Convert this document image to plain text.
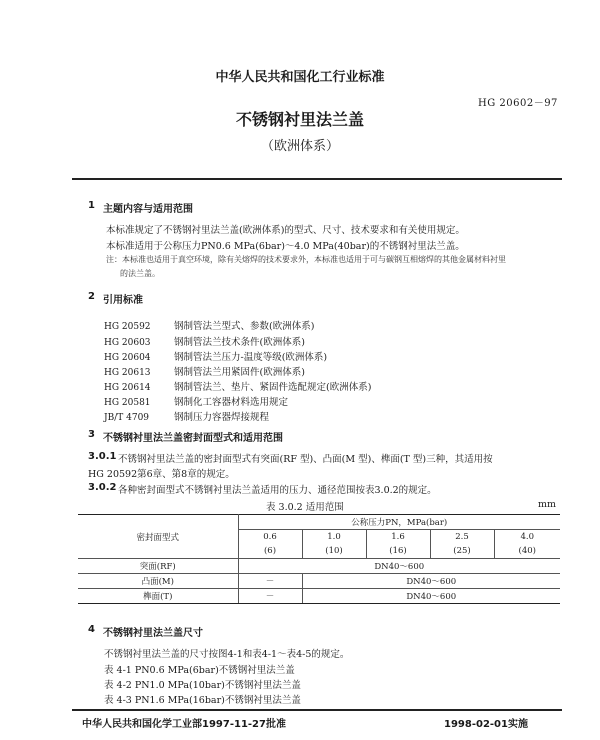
中华人民共和国化工行业标准
HG 20602－97
不锈钢衬里法兰盖
（欧洲体系）
1 主题内容与适用范围
本标准规定了不锈钢衬里法兰盖(欧洲体系)的型式、尺寸、技术要求和有关使用规定。
本标准适用于公称压力PN0.6 MPa(6bar)～4.0 MPa(40bar)的不锈钢衬里法兰盖。
注：本标准也适用于真空环境，除有关熔焊的技术要求外，本标准也适用于可与碳钢互相熔焊的其他金属材料衬里
的法兰盖。
2 引用标准
HG 20592 钢制管法兰型式、参数(欧洲体系)
HG 20603 钢制管法兰技术条件(欧洲体系)
HG 20604 钢制管法兰压力-温度等级(欧洲体系)
HG 20613 钢制管法兰用紧固件(欧洲体系)
HG 20614 钢制管法兰、垫片、紧固件选配规定(欧洲体系)
HG 20581 钢制化工容器材料选用规定
JB/T 4709	钢制压力容器焊接规程
3 不锈钢衬里法兰盖密封面型式和适用范围
3.0.1 不锈钢衬里法兰盖的密封面型式有突面(RF 型)、凸面(M 型)、榫面(T 型)三种，其适用按
HG 20592第6章、第8章的规定。
3.0.2 各种密封面型式不锈钢衬里法兰盖适用的压力、通径范围按表3.0.2的规定。
表 3.0.2 适用范围	mm
密封面型式	公称压力PN，MPa(bar)				
	0.6	1.0	1.6	2.5	4.0
	(6)	(10)	(16)	(25)	(40)
突面(RF)	DN40～600				
凸面(M)	－	DN40～600			
榫面(T)	－	DN40～600			
4 不锈钢衬里法兰盖尺寸
不锈钢衬里法兰盖的尺寸按图4-1和表4-1～表4-5的规定。
表 4-1 PN0.6 MPa(6bar)不锈钢衬里法兰盖
表 4-2 PN1.0 MPa(10bar)不锈钢衬里法兰盖
表 4-3 PN1.6 MPa(16bar)不锈钢衬里法兰盖
中华人民共和国化学工业部1997-11-27批准	1998-02-01实施
